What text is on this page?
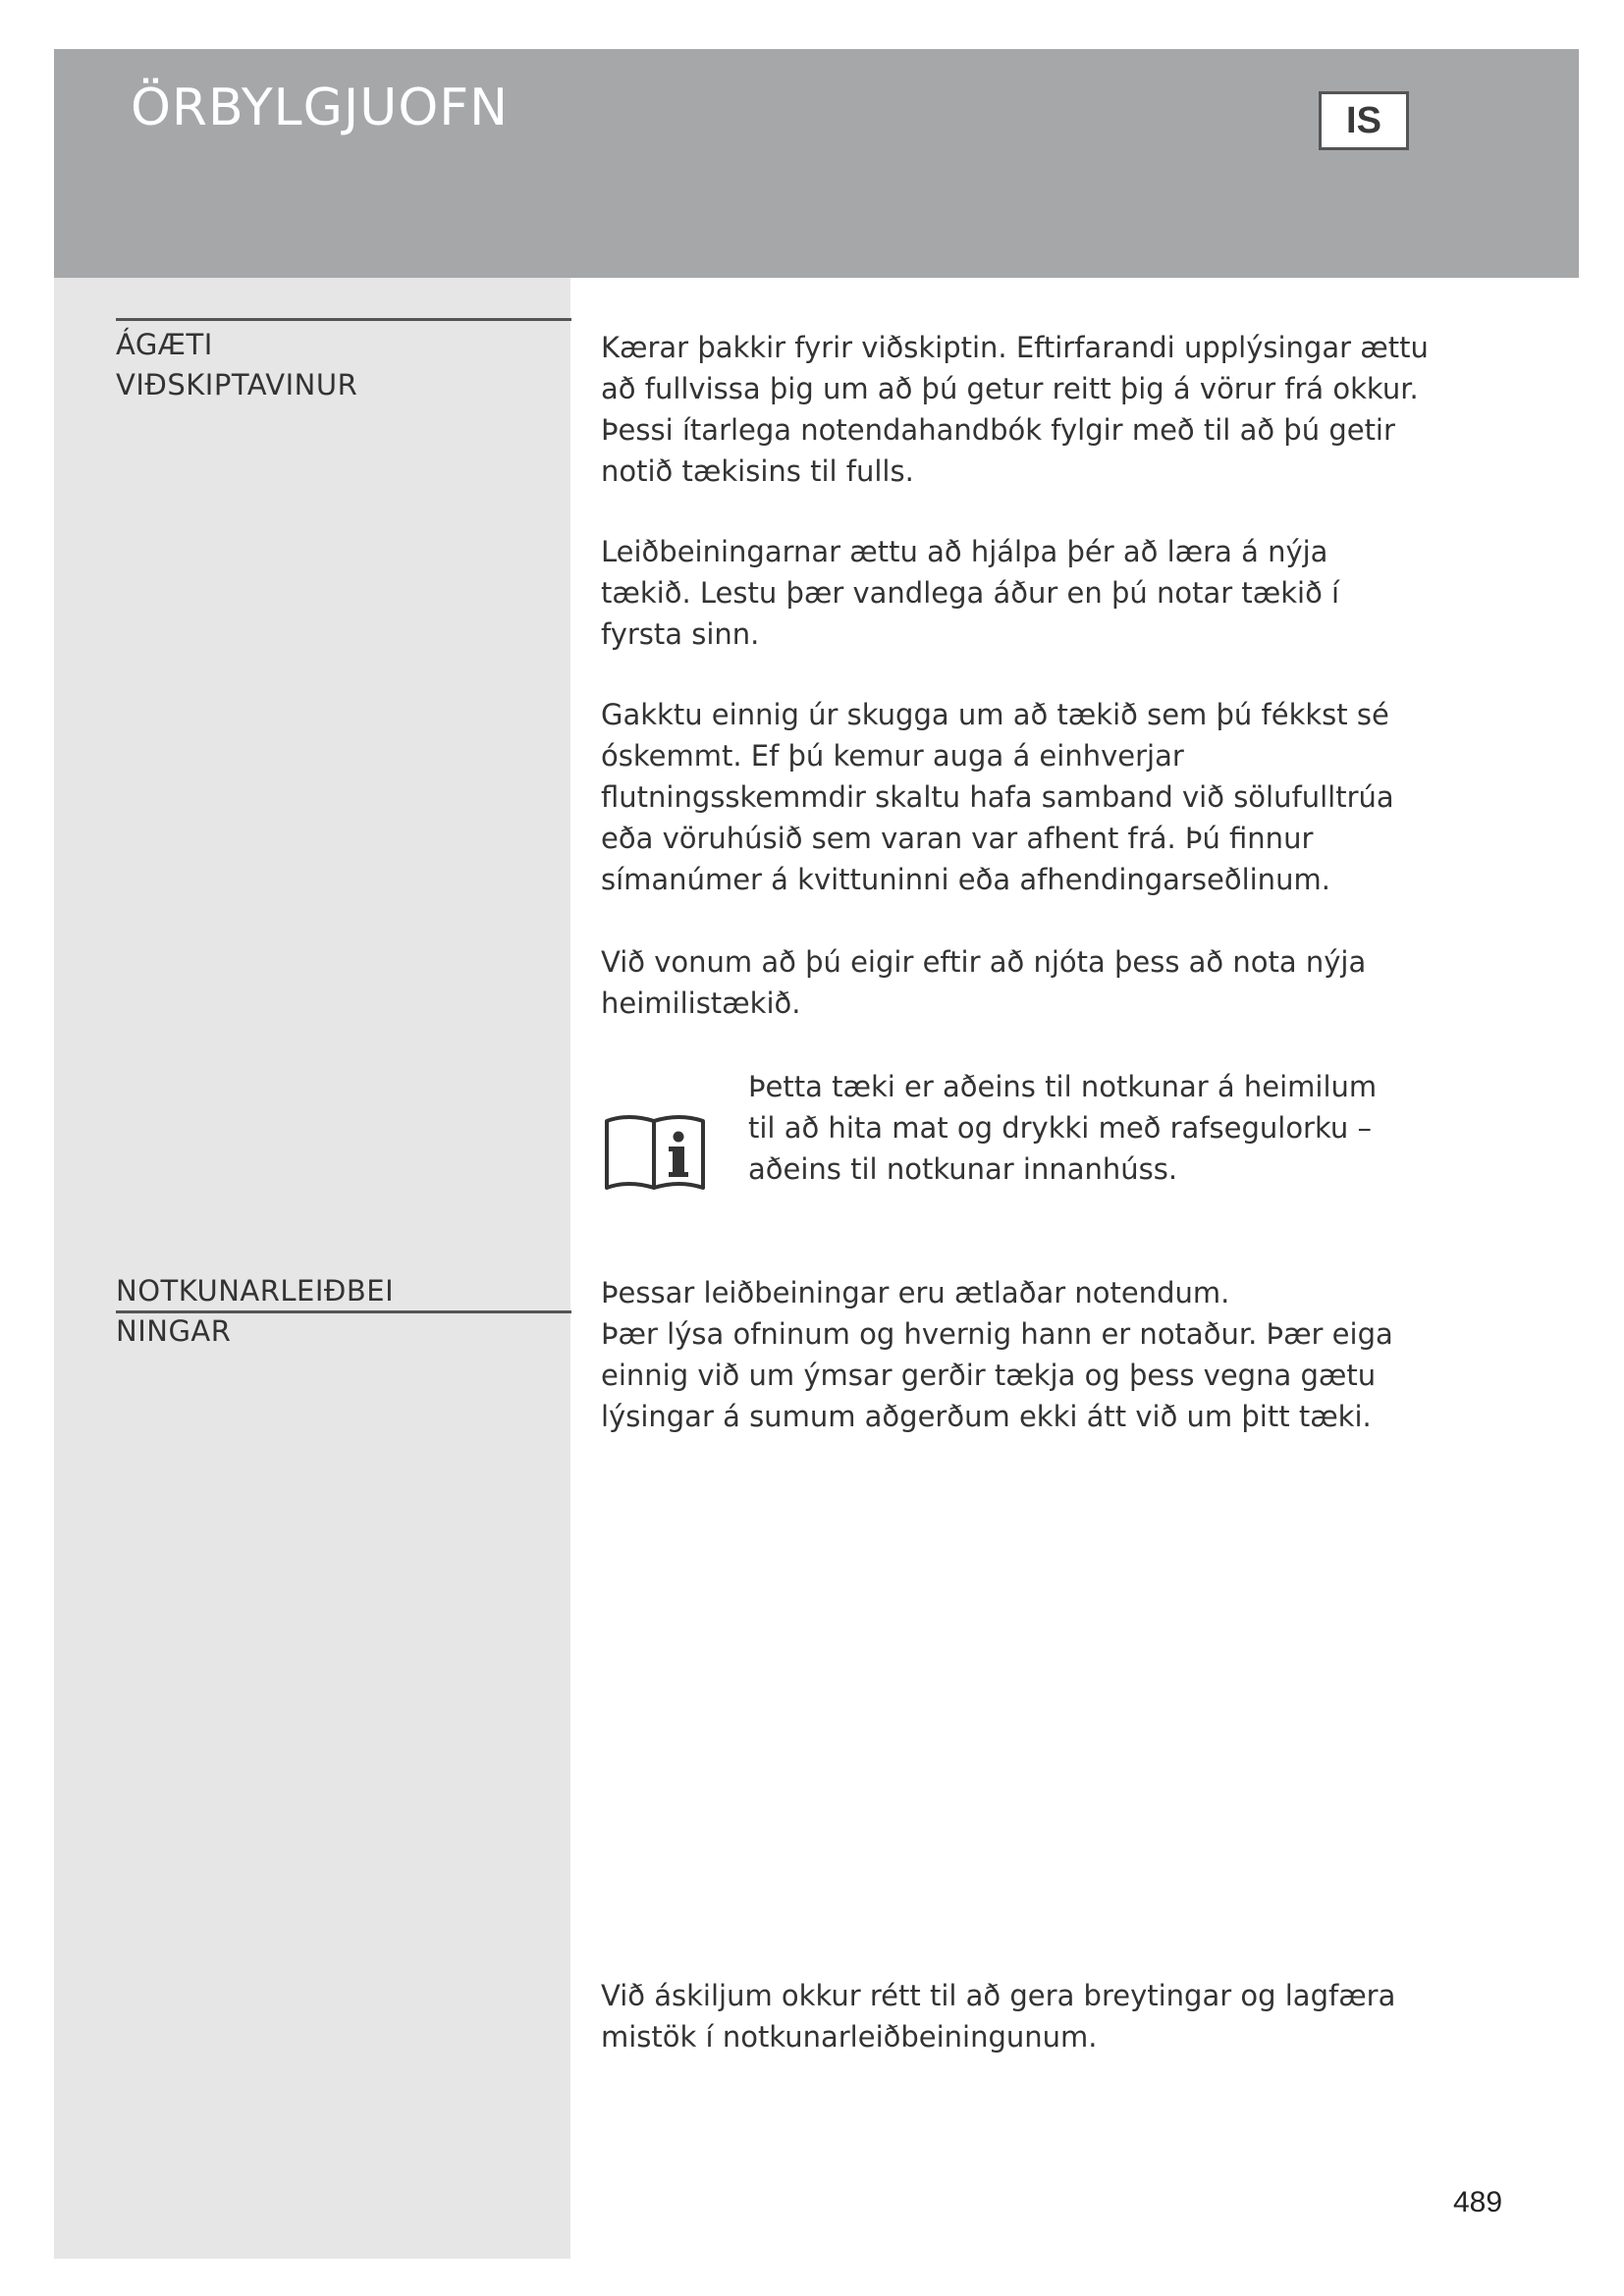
ÖRBYLGJUOFN	IS
ÁGÆTI
VIÐSKIPTAVINUR

Kærar þakkir fyrir viðskiptin. Eftirfarandi upplýsingar ættu
að fullvissa þig um að þú getur reitt þig á vörur frá okkur.
Þessi ítarlega notendahandbók fylgir með til að þú getir
notið tækisins til fulls.

Leiðbeiningarnar ættu að hjálpa þér að læra á nýja
tækið. Lestu þær vandlega áður en þú notar tækið í
fyrsta sinn.

Gakktu einnig úr skugga um að tækið sem þú fékkst sé
óskemmt. Ef þú kemur auga á einhverjar
flutningsskemmdir skaltu hafa samband við sölufulltrúa
eða vöruhúsið sem varan var afhent frá. Þú finnur
símanúmer á kvittuninni eða afhendingarseðlinum.

Við vonum að þú eigir eftir að njóta þess að nota nýja
heimilistækið.

Þetta tæki er aðeins til notkunar á heimilum
til að hita mat og drykki með rafsegulorku –
aðeins til notkunar innanhúss.

NOTKUNARLEIÐBEI
NINGAR

Þessar leiðbeiningar eru ætlaðar notendum.
Þær lýsa ofninum og hvernig hann er notaður. Þær eiga
einnig við um ýmsar gerðir tækja og þess vegna gætu
lýsingar á sumum aðgerðum ekki átt við um þitt tæki.

Við áskiljum okkur rétt til að gera breytingar og lagfæra
mistök í notkunarleiðbeiningunum.

489
